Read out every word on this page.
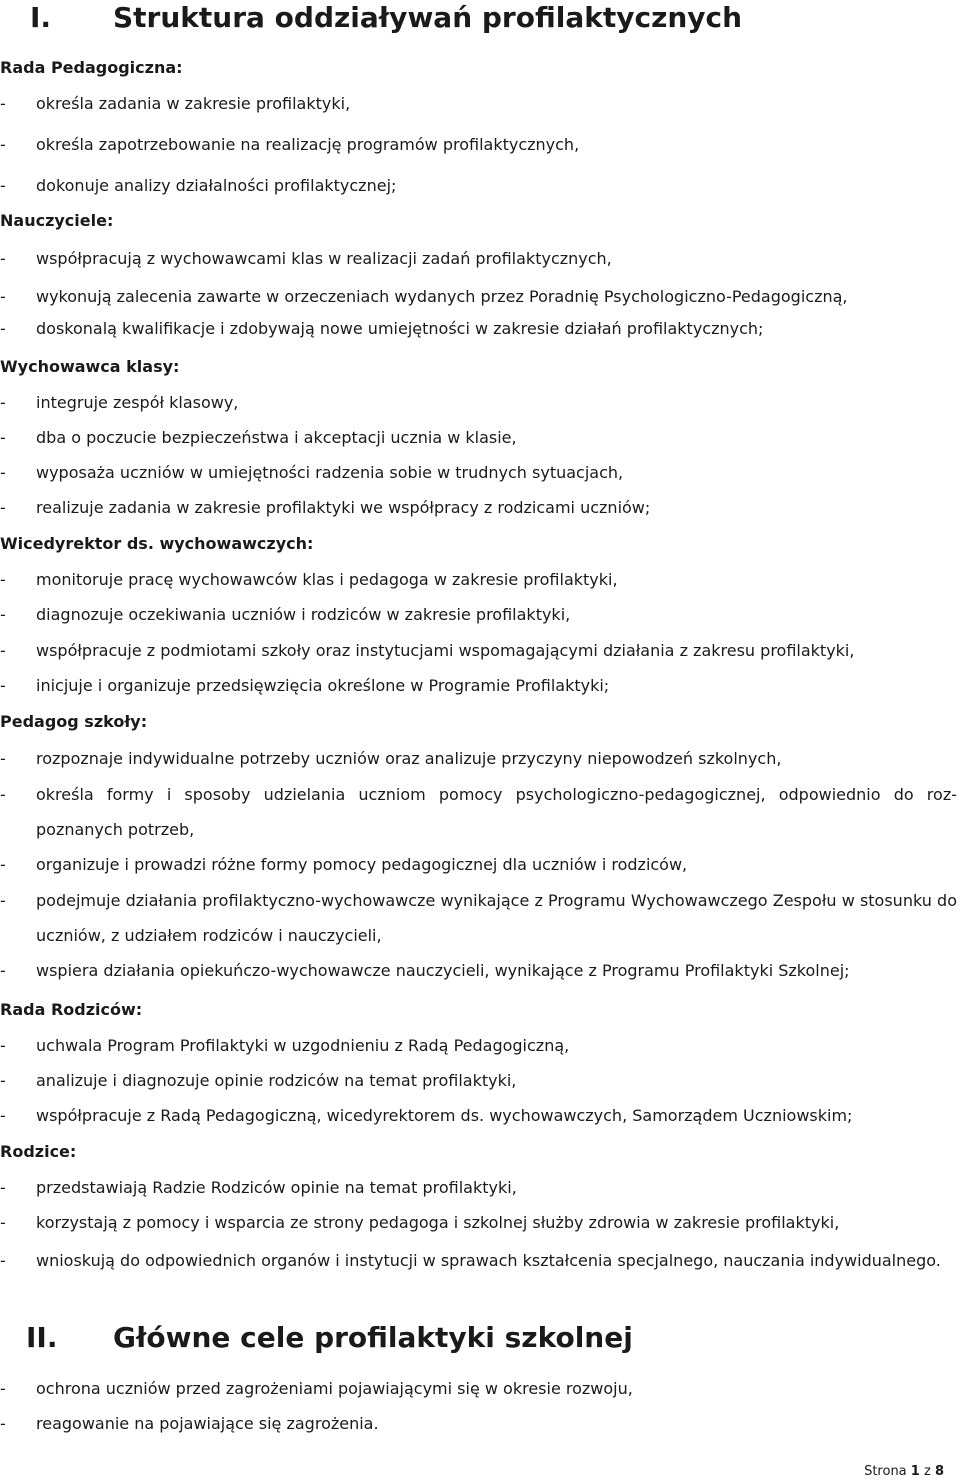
I. Struktura oddziaływań profilaktycznych
Rada Pedagogiczna:
- określa zadania w zakresie profilaktyki,
- określa zapotrzebowanie na realizację programów profilaktycznych,
- dokonuje analizy działalności profilaktycznej;
Nauczyciele:
- współpracują z wychowawcami klas w realizacji zadań profilaktycznych,
- wykonują zalecenia zawarte w orzeczeniach wydanych przez Poradnię Psychologiczno-Pedagogiczną,
- doskonalą kwalifikacje i zdobywają nowe umiejętności w zakresie działań profilaktycznych;
Wychowawca klasy:
- integruje zespół klasowy,
- dba o poczucie bezpieczeństwa i akceptacji ucznia w klasie,
- wyposaża uczniów w umiejętności radzenia sobie w trudnych sytuacjach,
- realizuje zadania w zakresie profilaktyki we współpracy z rodzicami uczniów;
Wicedyrektor ds. wychowawczych:
- monitoruje pracę wychowawców klas i pedagoga w zakresie profilaktyki,
- diagnozuje oczekiwania uczniów i rodziców w zakresie profilaktyki,
- współpracuje z podmiotami szkoły oraz instytucjami wspomagającymi działania z zakresu profilaktyki,
- inicjuje i organizuje przedsięwzięcia określone w Programie Profilaktyki;
Pedagog szkoły:
- rozpoznaje indywidualne potrzeby uczniów oraz analizuje przyczyny niepowodzeń szkolnych,
- określa formy i sposoby udzielania uczniom pomocy psychologiczno-pedagogicznej, odpowiednio do rozpoznanych potrzeb,
- organizuje i prowadzi różne formy pomocy pedagogicznej dla uczniów i rodziców,
- podejmuje działania profilaktyczno-wychowawcze wynikające z Programu Wychowawczego Zespołu w stosunku do uczniów, z udziałem rodziców i nauczycieli,
- wspiera działania opiekuńczo-wychowawcze nauczycieli, wynikające z Programu Profilaktyki Szkolnej;
Rada Rodziców:
- uchwala Program Profilaktyki w uzgodnieniu z Radą Pedagogiczną,
- analizuje i diagnozuje opinie rodziców na temat profilaktyki,
- współpracuje z Radą Pedagogiczną, wicedyrektorem ds. wychowawczych, Samorządem Uczniowskim;
Rodzice:
- przedstawiają Radzie Rodziców opinie na temat profilaktyki,
- korzystają z pomocy i wsparcia ze strony pedagoga i szkolnej służby zdrowia w zakresie profilaktyki,
- wnioskują do odpowiednich organów i instytucji w sprawach kształcenia specjalnego, nauczania indywidualnego.
II. Główne cele profilaktyki szkolnej
- ochrona uczniów przed zagrożeniami pojawiającymi się w okresie rozwoju,
- reagowanie na pojawiające się zagrożenia.
Strona 1 z 8
